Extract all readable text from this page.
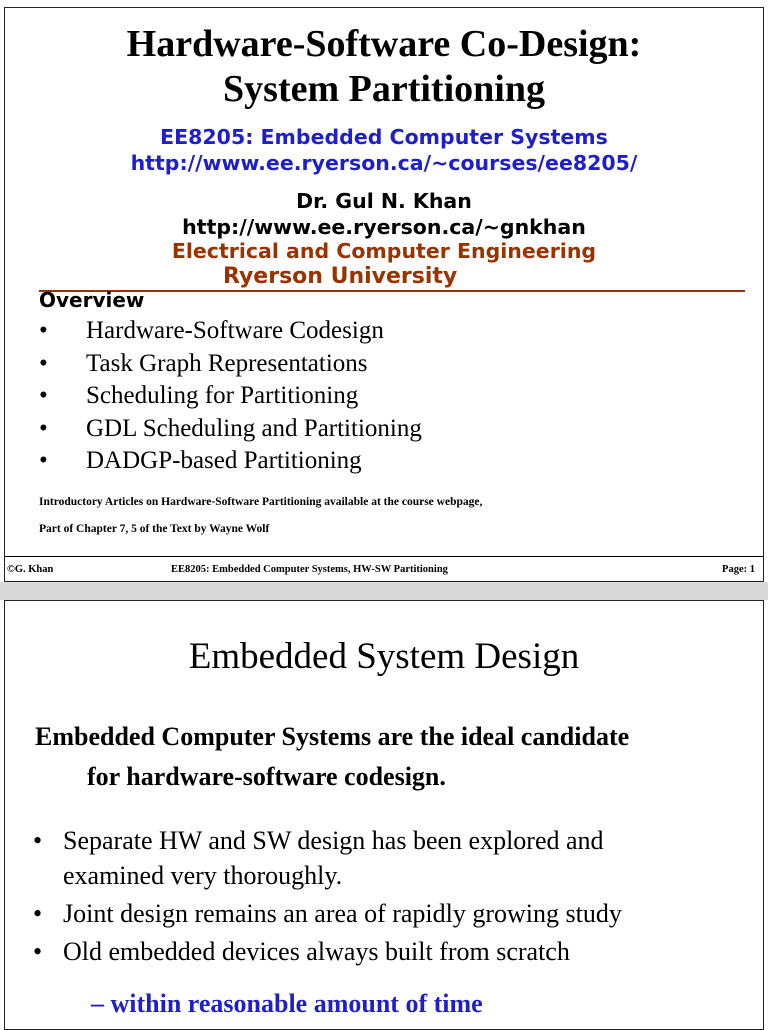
Hardware-Software Co-Design:
System Partitioning
EE8205: Embedded Computer Systems
http://www.ee.ryerson.ca/~courses/ee8205/
Dr. Gul N. Khan
http://www.ee.ryerson.ca/~gnkhan
Electrical and Computer Engineering
Ryerson University
Overview
• Hardware-Software Codesign
• Task Graph Representations
• Scheduling for Partitioning
• GDL Scheduling and Partitioning
• DADGP-based Partitioning
Introductory Articles on Hardware-Software Partitioning available at the course webpage,
Part of Chapter 7, 5 of the Text by Wayne Wolf
©G. Khan	EE8205: Embedded Computer Systems, HW-SW Partitioning	Page: 1
Embedded System Design
Embedded Computer Systems are the ideal candidate
for hardware-software codesign.
• Separate HW and SW design has been explored and
examined very thoroughly.
• Joint design remains an area of rapidly growing study
• Old embedded devices always built from scratch
– within reasonable amount of time
